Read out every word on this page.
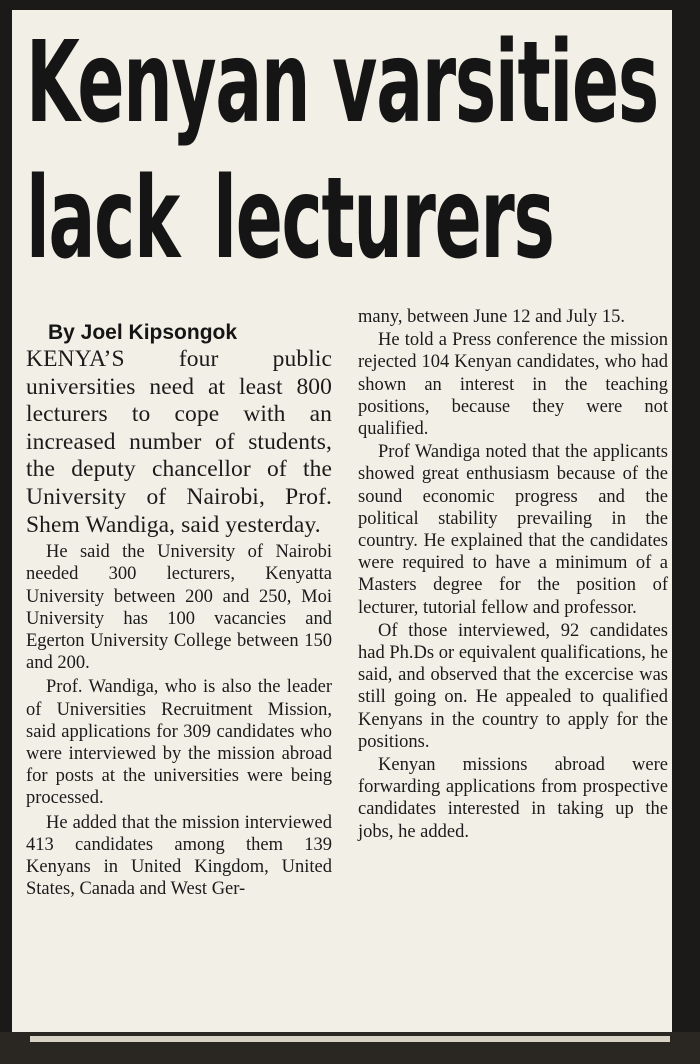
Kenyan varsities
lack lecturers

By Joel Kipsongok

KENYA’S four public universities need at least 800 lecturers to cope with an increased number of students, the deputy chancellor of the University of Nairobi, Prof. Shem Wandiga, said yesterday.

He said the University of Nairobi needed 300 lecturers, Kenyatta University between 200 and 250, Moi University has 100 vacancies and Egerton University College between 150 and 200.

Prof. Wandiga, who is also the leader of Universities Recruitment Mission, said applications for 309 candidates who were interviewed by the mission abroad for posts at the universities were being processed.

He added that the mission interviewed 413 candidates among them 139 Kenyans in United Kingdom, United States, Canada and West Ger-

many, between June 12 and July 15.

He told a Press conference the mission rejected 104 Kenyan candidates, who had shown an interest in the teaching positions, because they were not qualified.

Prof Wandiga noted that the applicants showed great enthusiasm because of the sound economic progress and the political stability prevailing in the country. He explained that the candidates were required to have a minimum of a Masters degree for the position of lecturer, tutorial fellow and professor.

Of those interviewed, 92 candidates had Ph.Ds or equivalent qualifications, he said, and observed that the excercise was still going on. He appealed to qualified Kenyans in the country to apply for the positions.

Kenyan missions abroad were forwarding applications from prospective candidates interested in taking up the jobs, he added.
